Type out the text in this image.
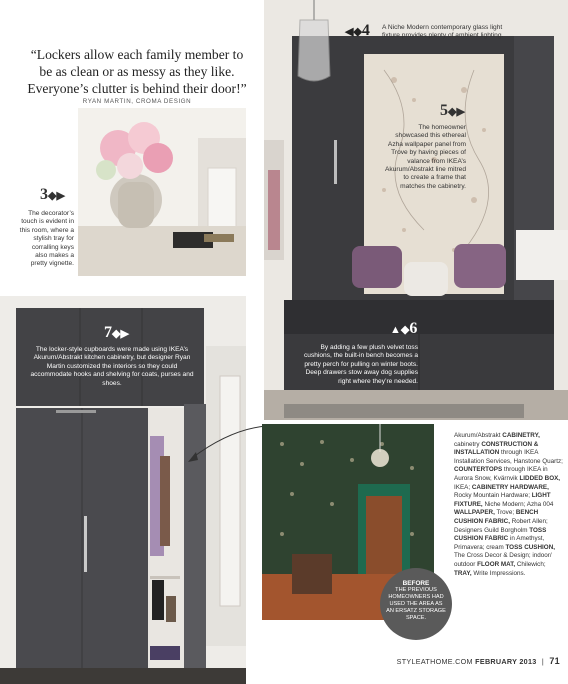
“Lockers allow each family member to be as clean or as messy as they like. Everyone’s clutter is behind their door!”
RYAN MARTIN, CROMA DESIGN
3◆▶
The decorator’s touch is evident in this room, where a stylish tray for corralling keys also makes a pretty vignette.
◀◆4 A Niche Modern contemporary glass light fixture provides plenty of ambient lighting.
5◆▶
The homeowner showcased this ethereal Azha wallpaper panel from Trove by having pieces of valance from IKEA’s Akurum/Abstrakt line mitred to create a frame that matches the cabinetry.
▲◆6
By adding a few plush velvet toss cushions, the built-in bench becomes a pretty perch for pulling on winter boots. Deep drawers stow away dog supplies right where they’re needed.
7◆▶
The locker-style cupboards were made using IKEA’s Akurum/Abstrakt kitchen cabinetry, but designer Ryan Martin customized the interiors so they could accommodate hooks and shelving for coats, purses and shoes.
BEFORE
THE PREVIOUS HOMEOWNERS HAD USED THE AREA AS AN ERSATZ STORAGE SPACE.
Akurum/Abstrakt CABINETRY, cabinetry CONSTRUCTION & INSTALLATION through IKEA Installation Services, Hanstone Quartz; COUNTERTOPS through IKEA in Aurora Snow, Kvärnvik LIDDED BOX, IKEA; CABINETRY HARDWARE, Rocky Mountain Hardware; LIGHT FIXTURE, Niche Modern; Azha 004 WALLPAPER, Trove; BENCH CUSHION FABRIC, Robert Allen; Designers Guild Borgholm TOSS CUSHION FABRIC in Amethyst, Primavera; cream TOSS CUSHION, The Cross Decor & Design; indoor/ outdoor FLOOR MAT, Chilewich; TRAY, Write Impressions.
STYLEATHOME.COM FEBRUARY 2013 | 71
